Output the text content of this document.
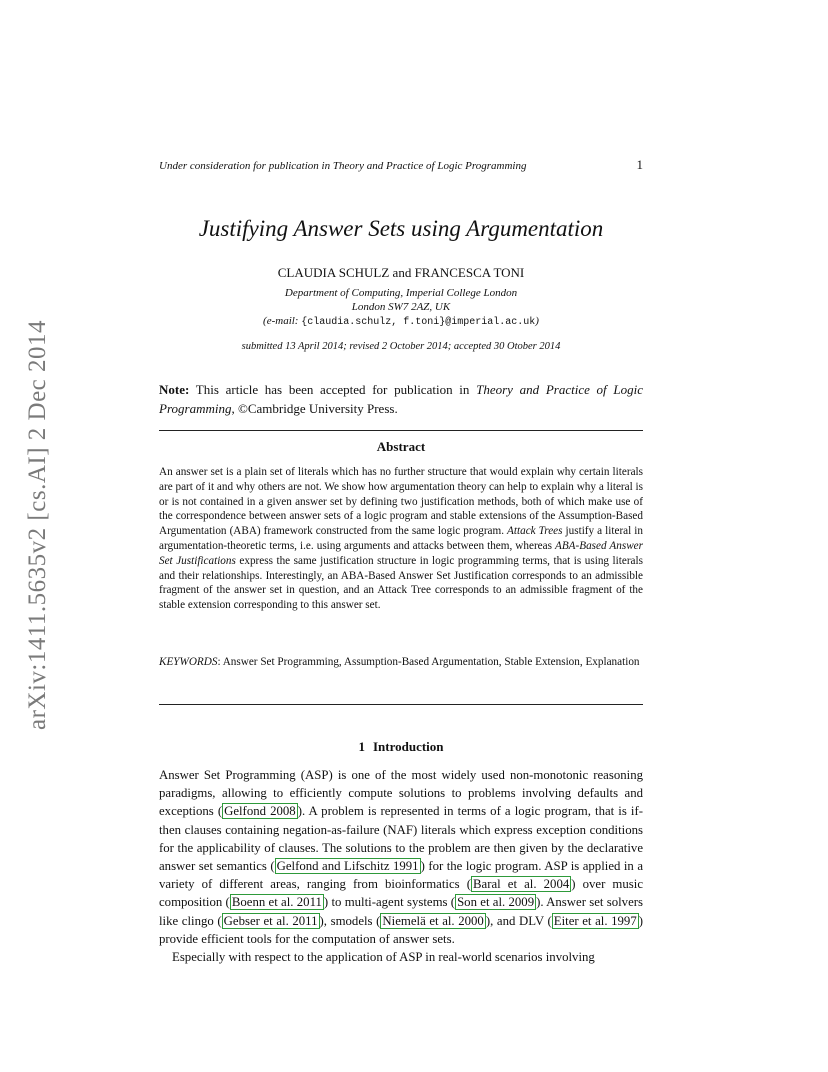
arXiv:1411.5635v2 [cs.AI] 2 Dec 2014
Under consideration for publication in Theory and Practice of Logic Programming	1
Justifying Answer Sets using Argumentation
CLAUDIA SCHULZ and FRANCESCA TONI
Department of Computing, Imperial College London
London SW7 2AZ, UK
(e-mail: {claudia.schulz, f.toni}@imperial.ac.uk)
submitted 13 April 2014; revised 2 October 2014; accepted 30 Otober 2014
Note: This article has been accepted for publication in Theory and Practice of Logic Programming, ©Cambridge University Press.
Abstract
An answer set is a plain set of literals which has no further structure that would explain why certain literals are part of it and why others are not. We show how argumentation theory can help to explain why a literal is or is not contained in a given answer set by defining two justification methods, both of which make use of the correspondence between answer sets of a logic program and stable extensions of the Assumption-Based Argumentation (ABA) framework constructed from the same logic program. Attack Trees justify a literal in argumentation-theoretic terms, i.e. using arguments and attacks between them, whereas ABA-Based Answer Set Justifications express the same justification structure in logic programming terms, that is using literals and their relationships. Interestingly, an ABA-Based Answer Set Justification corresponds to an admissible fragment of the answer set in question, and an Attack Tree corresponds to an admissible fragment of the stable extension corresponding to this answer set.
KEYWORDS: Answer Set Programming, Assumption-Based Argumentation, Stable Extension, Explanation
1 Introduction

Answer Set Programming (ASP) is one of the most widely used non-monotonic reasoning paradigms, allowing to efficiently compute solutions to problems involving defaults and exceptions ( Gelfond 2008 ). A problem is represented in terms of a logic program, that is if-then clauses containing negation-as-failure (NAF) literals which express exception conditions for the applicability of clauses. The solutions to the problem are then given by the declarative answer set semantics ( Gelfond and Lifschitz 1991 ) for the logic program. ASP is applied in a variety of different areas, ranging from bioinformatics ( Baral et al. 2004 ) over music composition ( Boenn et al. 2011 ) to multi-agent systems ( Son et al. 2009 ). Answer set solvers like clingo ( Gebser et al. 2011 ), smodels ( Niemelä et al. 2000 ), and DLV ( Eiter et al. 1997 ) provide efficient tools for the computation of answer sets.

Especially with respect to the application of ASP in real-world scenarios involving
